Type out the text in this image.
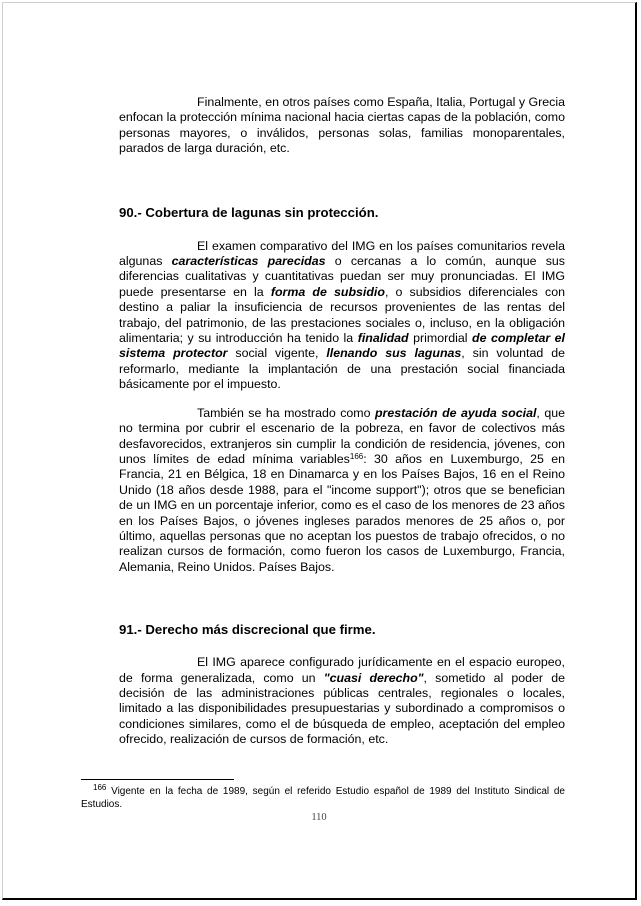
Finalmente, en otros países como España, Italia, Portugal y Grecia enfocan la protección mínima nacional hacia ciertas capas de la población, como personas mayores, o inválidos, personas solas, familias monoparentales, parados de larga duración, etc.

90.- Cobertura de lagunas sin protección.

El examen comparativo del IMG en los países comunitarios revela algunas características parecidas o cercanas a lo común, aunque sus diferencias cualitativas y cuantitativas puedan ser muy pronunciadas. El IMG puede presentarse en la forma de subsidio, o subsidios diferenciales con destino a paliar la insuficiencia de recursos provenientes de las rentas del trabajo, del patrimonio, de las prestaciones sociales o, incluso, en la obligación alimentaria; y su introducción ha tenido la finalidad primordial de completar el sistema protector social vigente, llenando sus lagunas, sin voluntad de reformarlo, mediante la implantación de una prestación social financiada básicamente por el impuesto.

También se ha mostrado como prestación de ayuda social, que no termina por cubrir el escenario de la pobreza, en favor de colectivos más desfavorecidos, extranjeros sin cumplir la condición de residencia, jóvenes, con unos límites de edad mínima variables$^{166}$: 30 años en Luxemburgo, 25 en Francia, 21 en Bélgica, 18 en Dinamarca y en los Países Bajos, 16 en el Reino Unido (18 años desde 1988, para el "income support"); otros que se benefician de un IMG en un porcentaje inferior, como es el caso de los menores de 23 años en los Países Bajos, o jóvenes ingleses parados menores de 25 años o, por último, aquellas personas que no aceptan los puestos de trabajo ofrecidos, o no realizan cursos de formación, como fueron los casos de Luxemburgo, Francia, Alemania, Reino Unidos. Países Bajos.

91.- Derecho más discrecional que firme.

El IMG aparece configurado jurídicamente en el espacio europeo, de forma generalizada, como un "cuasi derecho", sometido al poder de decisión de las administraciones públicas centrales, regionales o locales, limitado a las disponibilidades presupuestarias y subordinado a compromisos o condiciones similares, como el de búsqueda de empleo, aceptación del empleo ofrecido, realización de cursos de formación, etc.

$^{166}$ Vigente en la fecha de 1989, según el referido Estudio español de 1989 del Instituto Sindical de Estudios.

110
